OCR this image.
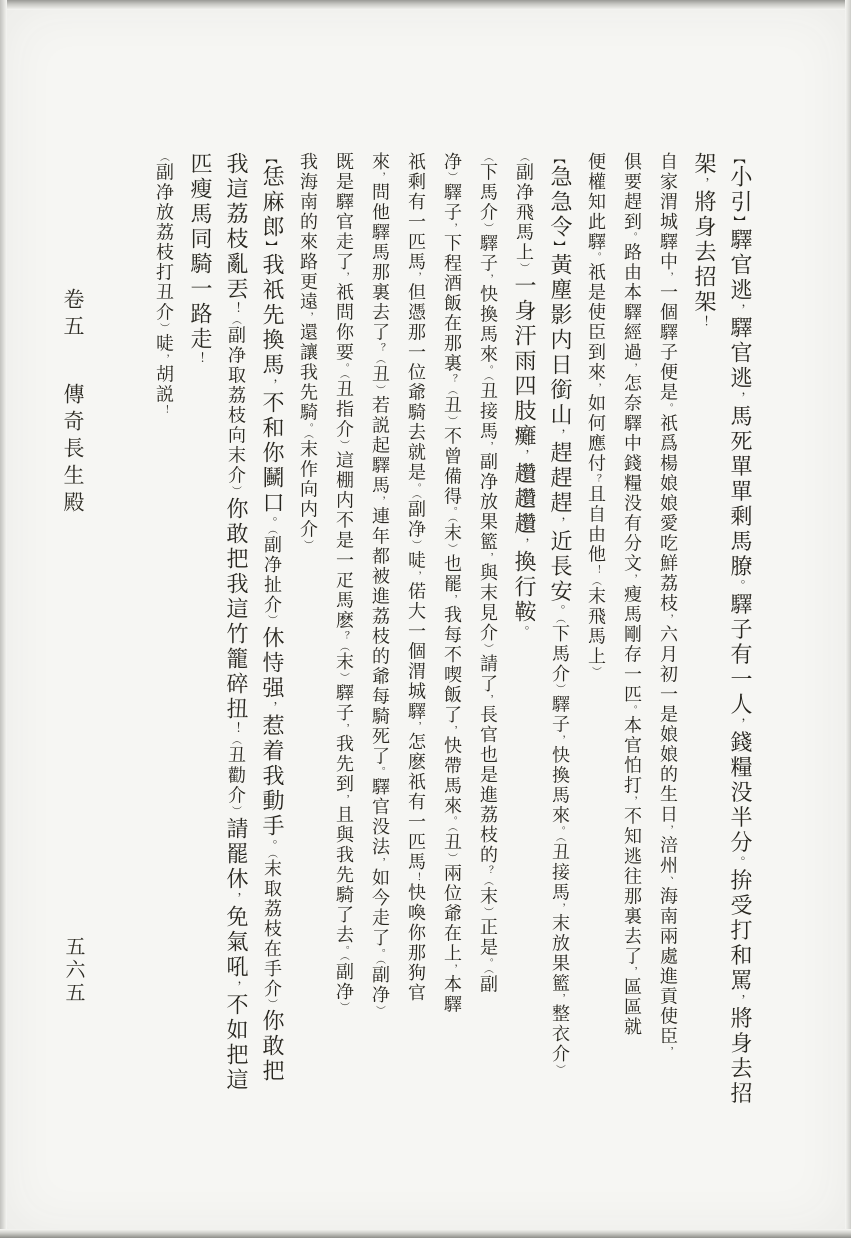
【小引】驛官逃，驛官逃，馬死單單剩馬膫。驛子有一人，錢糧没半分。拚受打和罵，將身去招
架，將身去招架！
自家渭城驛中，一個驛子便是。祇爲楊娘娘愛吃鮮荔枝，六月初一是娘娘的生日，涪州、海南兩處進貢使臣，
俱要趕到。路由本驛經過，怎奈驛中錢糧没有分文，瘦馬剛存一匹。本官怕打，不知逃往那裏去了，區區就
便權知此驛。祇是使臣到來，如何應付？且自由他！（末飛馬上）
【急急令】黃塵影内日銜山，趕趕趕，近長安。（下馬介）驛子，快換馬來。（丑接馬，末放果籃，整衣介）
（副净飛馬上）一身汗雨四肢癱，趲趲趲，換行鞍。
（下馬介）驛子，快換馬來。（丑接馬，副净放果籃，與末見介）請了，長官也是進荔枝的？（末）正是。（副
净）驛子，下程酒飯在那裏？（丑）不曾備得。（末）也罷，我每不喫飯了，快帶馬來。（丑）兩位爺在上，本驛
祇剩有一匹馬，但憑那一位爺騎去就是。（副净）唗，偌大一個渭城驛，怎麽祇有一匹馬！快喚你那狗官
來，問他驛馬那裏去了？（丑）若説起驛馬，連年都被進荔枝的爺每騎死了。驛官没法，如今走了。（副净）
既是驛官走了，祇問你要。（丑指介）這棚内不是一疋馬麽？（末）驛子，我先到，且與我先騎了去。（副净）
我海南的來路更遠，還讓我先騎。（末作向内介）
【恁麻郎】我祇先換馬，不和你鬭口。（副净扯介）休恃强，惹着我動手。（末取荔枝在手介）你敢把
我這荔枝亂丟！（副净取荔枝向末介）你敢把我這竹籠碎扭！（丑勸介）請罷休，免氣吼，不如把這
匹瘦馬同騎一路走！
（副净放荔枝打丑介）唗，胡説！
卷五 傳奇長生殿
五六五
